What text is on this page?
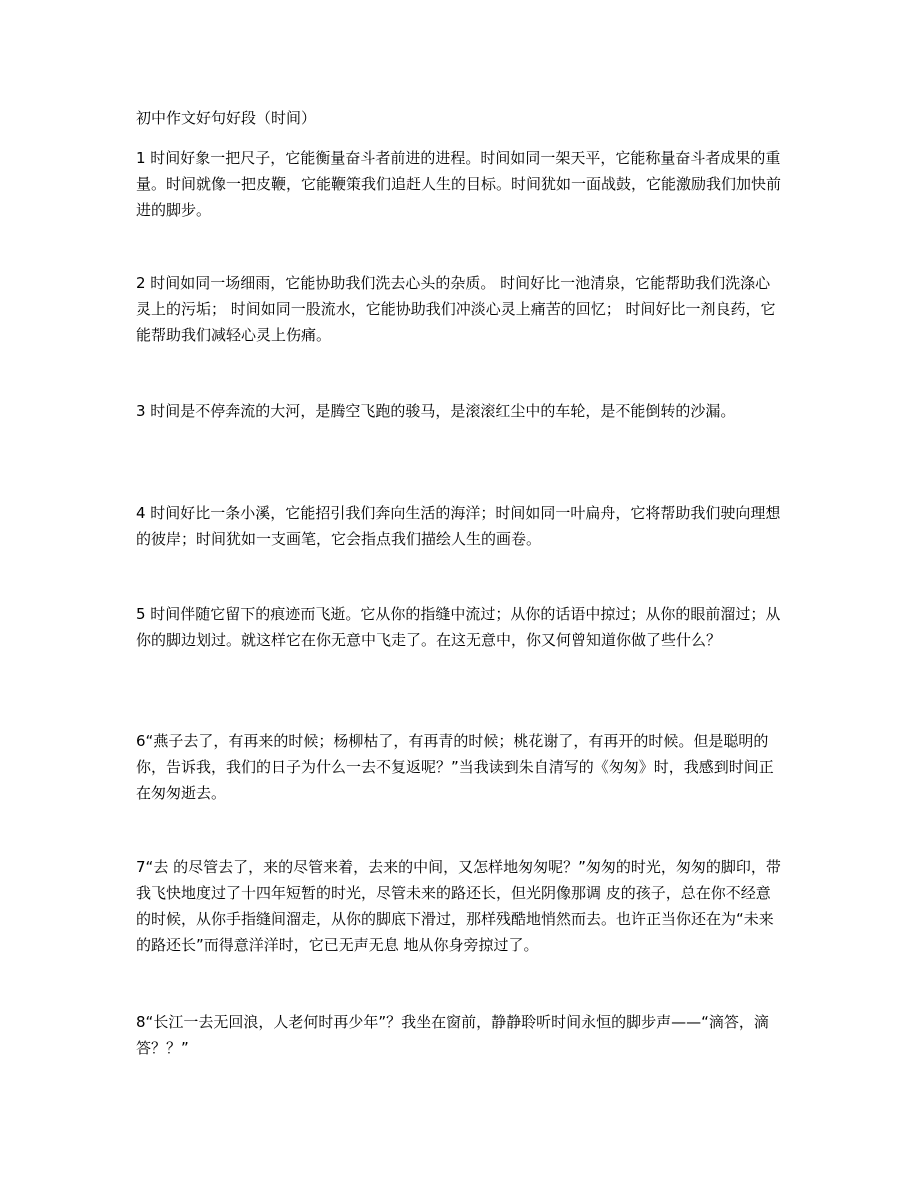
初中作文好句好段（时间）

1 时间好象一把尺子，它能衡量奋斗者前进的进程。时间如同一架天平，它能称量奋斗者成果的重量。时间就像一把皮鞭，它能鞭策我们追赶人生的目标。时间犹如一面战鼓，它能激励我们加快前进的脚步。

2 时间如同一场细雨，它能协助我们洗去心头的杂质。 时间好比一池清泉，它能帮助我们洗涤心灵上的污垢； 时间如同一股流水，它能协助我们冲淡心灵上痛苦的回忆； 时间好比一剂良药，它能帮助我们减轻心灵上伤痛。

3 时间是不停奔流的大河，是腾空飞跑的骏马，是滚滚红尘中的车轮，是不能倒转的沙漏。

4 时间好比一条小溪，它能招引我们奔向生活的海洋；时间如同一叶扁舟，它将帮助我们驶向理想的彼岸；时间犹如一支画笔，它会指点我们描绘人生的画卷。

5 时间伴随它留下的痕迹而飞逝。它从你的指缝中流过；从你的话语中掠过；从你的眼前溜过；从你的脚边划过。就这样它在你无意中飞走了。在这无意中，你又何曾知道你做了些什么？

6“燕子去了，有再来的时候；杨柳枯了，有再青的时候；桃花谢了，有再开的时候。但是聪明的你，告诉我，我们的日子为什么一去不复返呢？”当我读到朱自清写的《匆匆》时，我感到时间正在匆匆逝去。

7“去 的尽管去了，来的尽管来着，去来的中间，又怎样地匆匆呢？”匆匆的时光，匆匆的脚印，带我飞快地度过了十四年短暂的时光，尽管未来的路还长，但光阴像那调 皮的孩子，总在你不经意的时候，从你手指缝间溜走，从你的脚底下滑过，那样残酷地悄然而去。也许正当你还在为“未来的路还长”而得意洋洋时，它已无声无息 地从你身旁掠过了。

8“长江一去无回浪，人老何时再少年”？我坐在窗前，静静聆听时间永恒的脚步声——“滴答，滴答？？”
